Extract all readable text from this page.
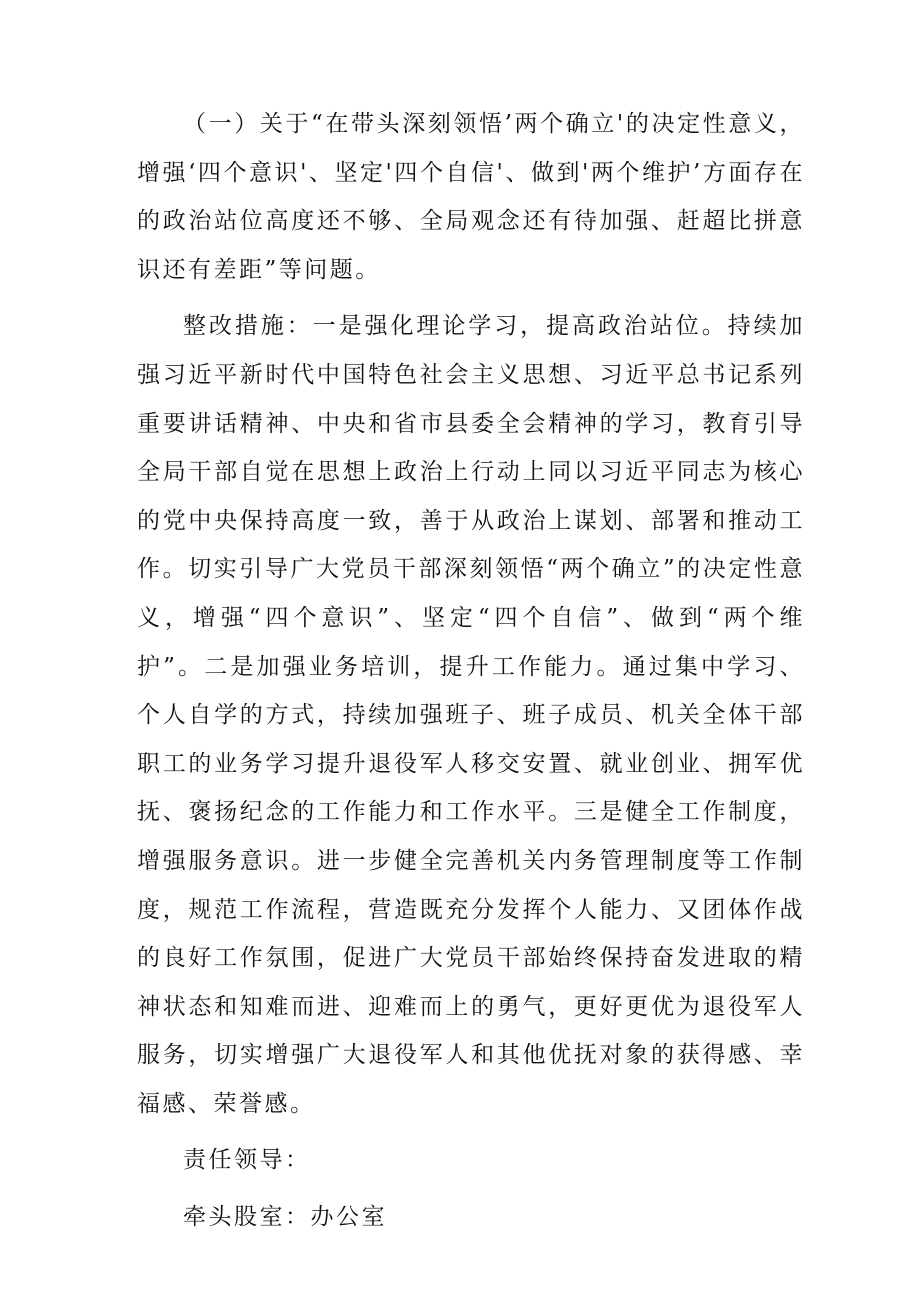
（一）关于“在带头深刻领悟’两个确立'的决定性意义，增强‘四个意识'、坚定'四个自信'、做到'两个维护’方面存在的政治站位高度还不够、全局观念还有待加强、赶超比拼意识还有差距”等问题。

整改措施：一是强化理论学习，提高政治站位。持续加强习近平新时代中国特色社会主义思想、习近平总书记系列重要讲话精神、中央和省市县委全会精神的学习，教育引导全局干部自觉在思想上政治上行动上同以习近平同志为核心的党中央保持高度一致，善于从政治上谋划、部署和推动工作。切实引导广大党员干部深刻领悟“两个确立”的决定性意义，增强“四个意识”、坚定“四个自信”、做到“两个维护”。二是加强业务培训，提升工作能力。通过集中学习、个人自学的方式，持续加强班子、班子成员、机关全体干部职工的业务学习提升退役军人移交安置、就业创业、拥军优抚、褒扬纪念的工作能力和工作水平。三是健全工作制度，增强服务意识。进一步健全完善机关内务管理制度等工作制度，规范工作流程，营造既充分发挥个人能力、又团体作战的良好工作氛围，促进广大党员干部始终保持奋发进取的精神状态和知难而进、迎难而上的勇气，更好更优为退役军人服务，切实增强广大退役军人和其他优抚对象的获得感、幸福感、荣誉感。

责任领导：

牵头股室：办公室
